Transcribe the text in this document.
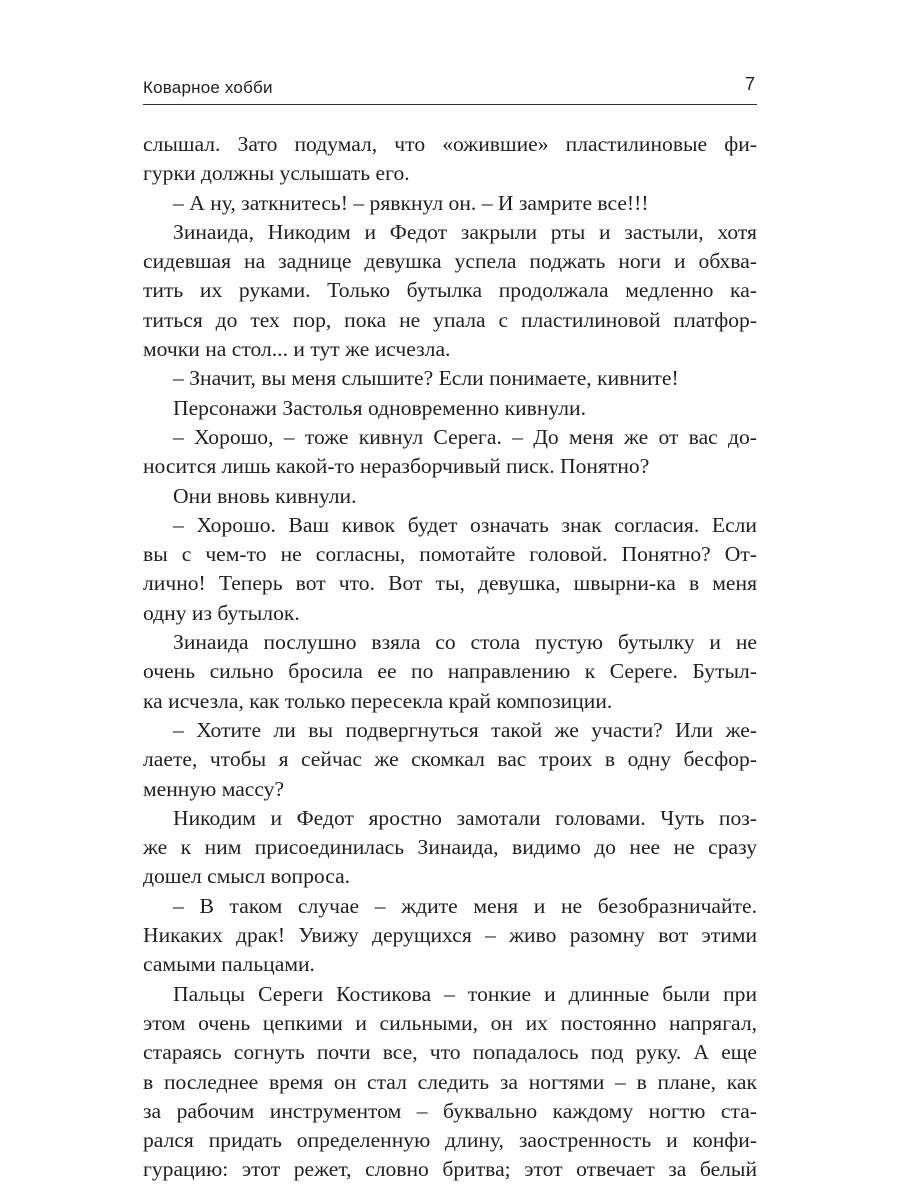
Коварное хобби	7
слышал. Зато подумал, что «ожившие» пластилиновые фи-
гурки должны услышать его.
– А ну, заткнитесь! – рявкнул он. – И замрите все!!!
Зинаида, Никодим и Федот закрыли рты и застыли, хотя
сидевшая на заднице девушка успела поджать ноги и обхва-
тить их руками. Только бутылка продолжала медленно ка-
титься до тех пор, пока не упала с пластилиновой платфор-
мочки на стол... и тут же исчезла.
– Значит, вы меня слышите? Если понимаете, кивните!
Персонажи Застолья одновременно кивнули.
– Хорошо, – тоже кивнул Серега. – До меня же от вас до-
носится лишь какой-то неразборчивый писк. Понятно?
Они вновь кивнули.
– Хорошо. Ваш кивок будет означать знак согласия. Если
вы с чем-то не согласны, помотайте головой. Понятно? От-
лично! Теперь вот что. Вот ты, девушка, швырни-ка в меня
одну из бутылок.
Зинаида послушно взяла со стола пустую бутылку и не
очень сильно бросила ее по направлению к Сереге. Бутыл-
ка исчезла, как только пересекла край композиции.
– Хотите ли вы подвергнуться такой же участи? Или же-
лаете, чтобы я сейчас же скомкал вас троих в одну бесфор-
менную массу?
Никодим и Федот яростно замотали головами. Чуть поз-
же к ним присоединилась Зинаида, видимо до нее не сразу
дошел смысл вопроса.
– В таком случае – ждите меня и не безобразничайте.
Никаких драк! Увижу дерущихся – живо разомну вот этими
самыми пальцами.
Пальцы Сереги Костикова – тонкие и длинные были при
этом очень цепкими и сильными, он их постоянно напрягал,
стараясь согнуть почти все, что попадалось под руку. А еще
в последнее время он стал следить за ногтями – в плане, как
за рабочим инструментом – буквально каждому ногтю ста-
рался придать определенную длину, заостренность и конфи-
гурацию: этот режет, словно бритва; этот отвечает за белый
